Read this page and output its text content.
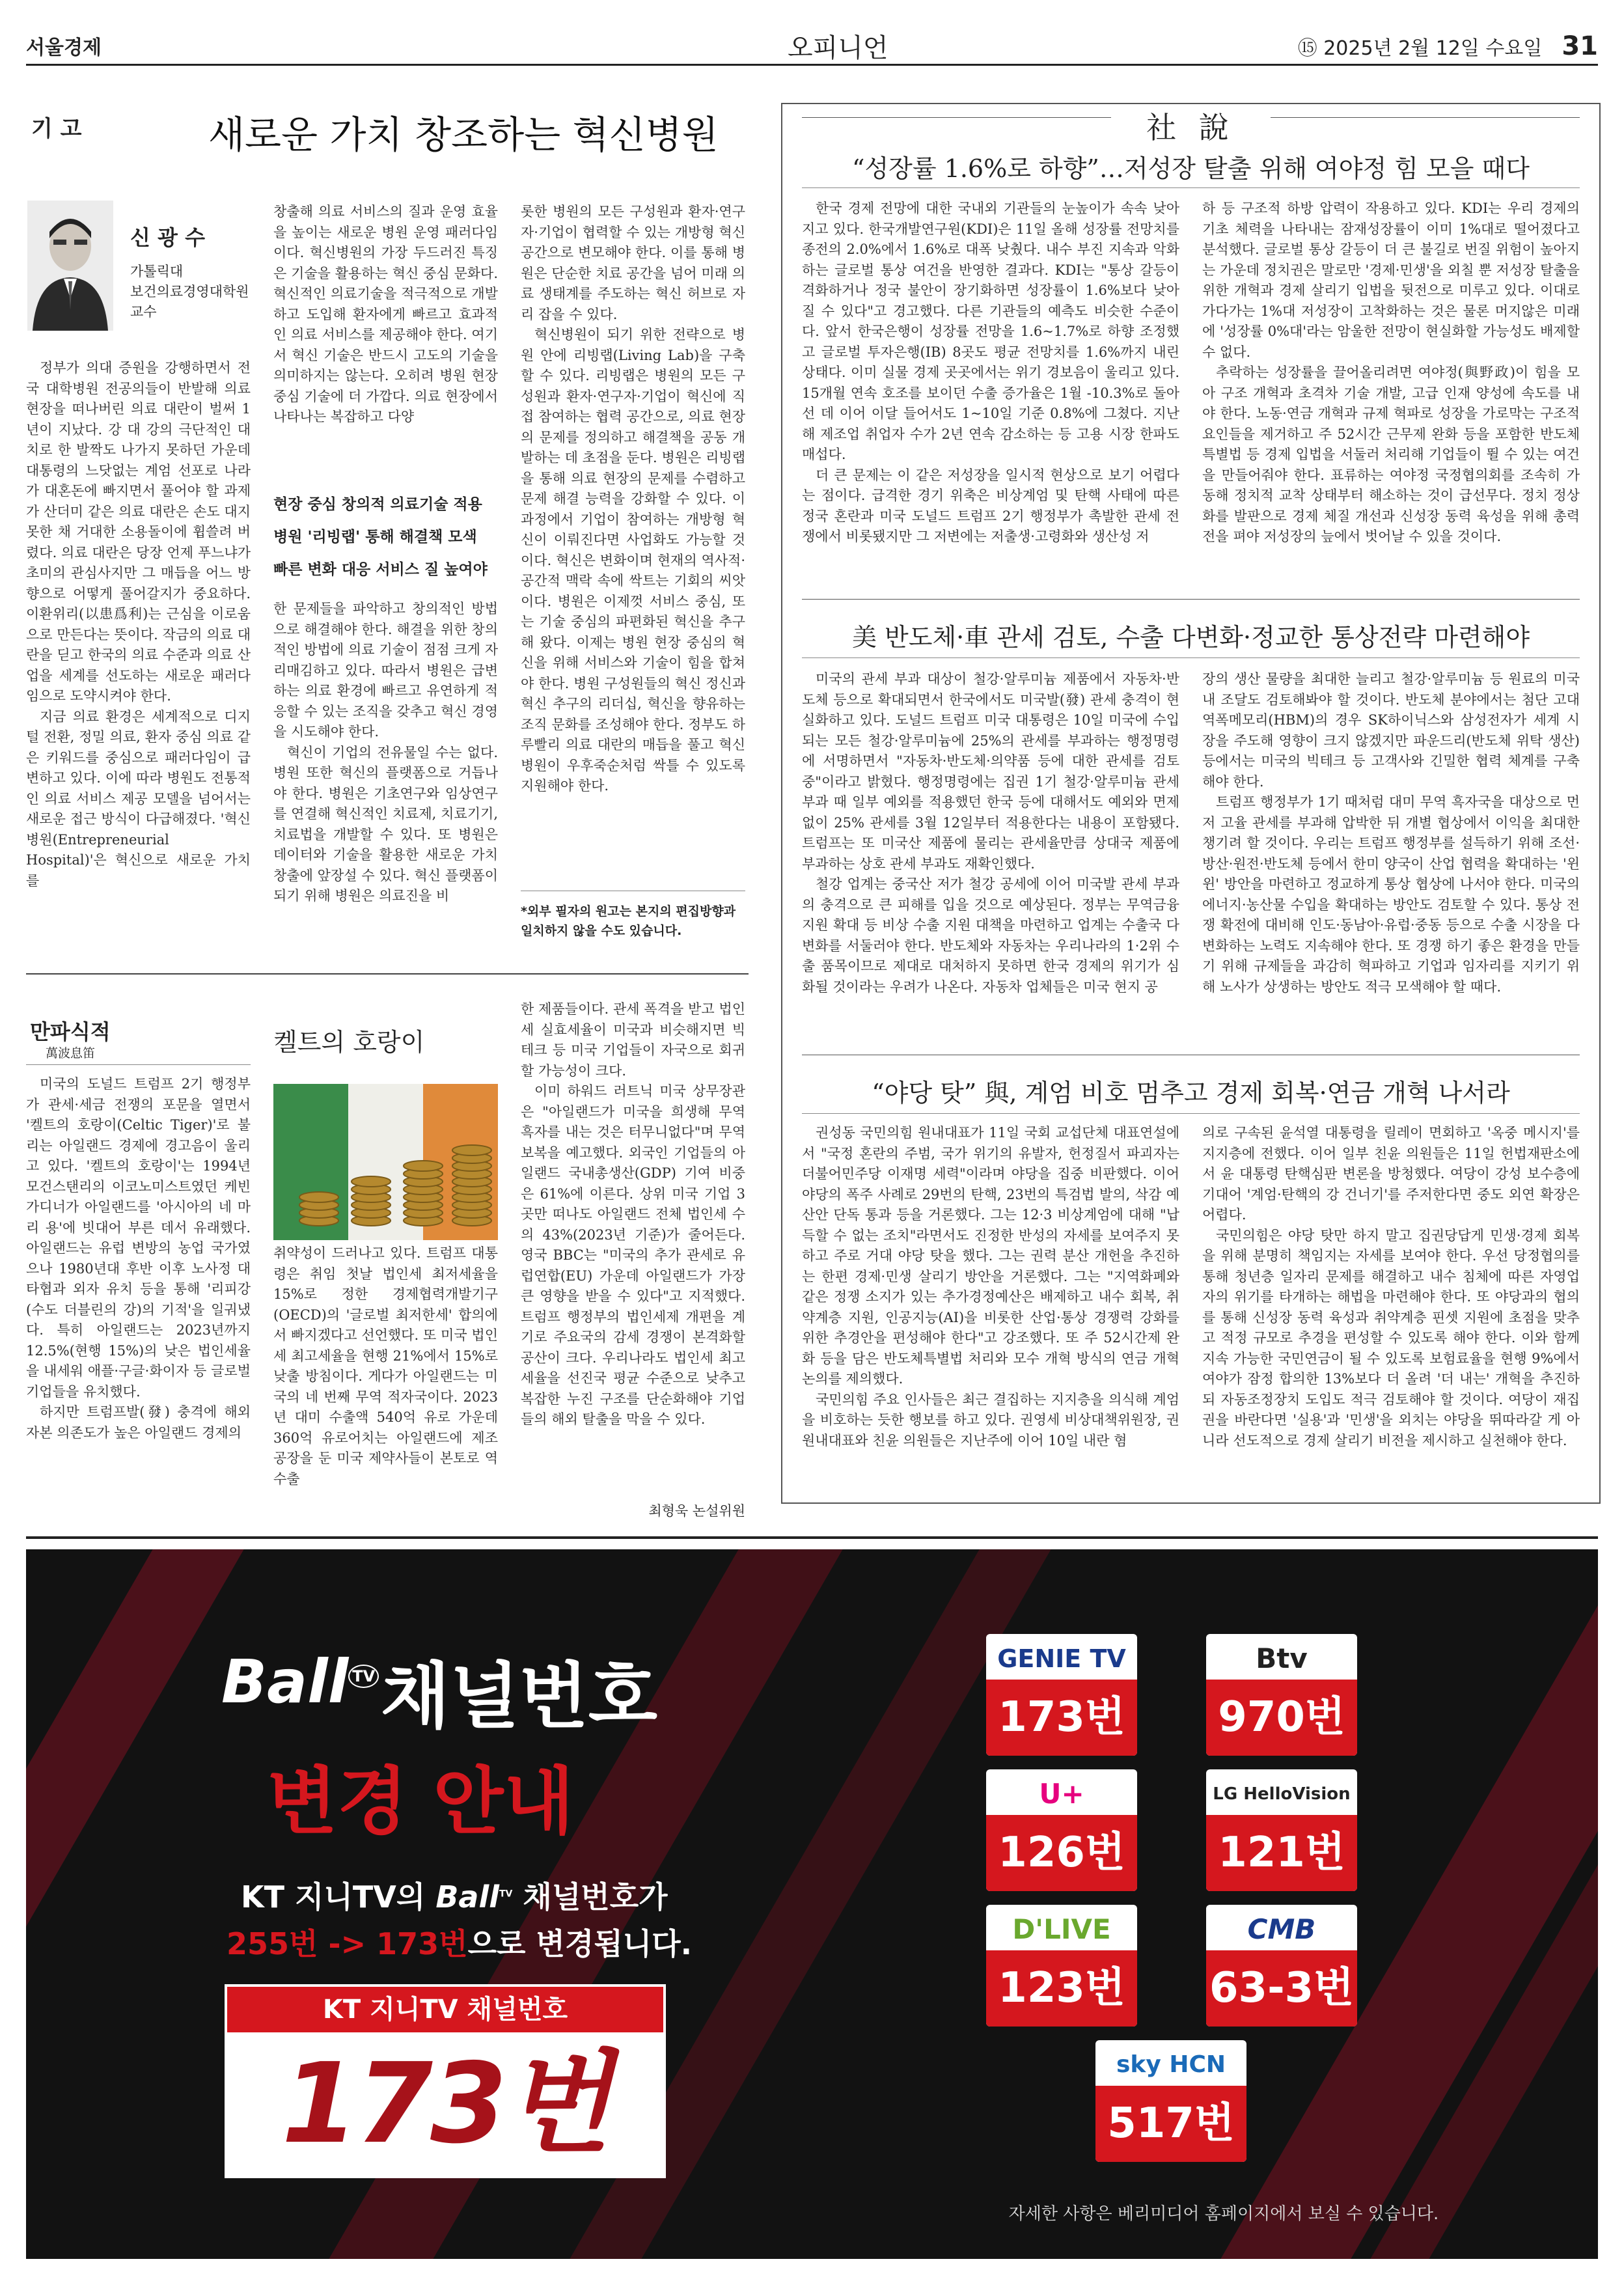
서울경제	오피니언	⑮ 2025년 2월 12일 수요일 31
기 고	새로운 가치 창조하는 혁신병원
신 광 수
가톨릭대
보건의료경영대학원
교수

정부가 의대 증원을 강행하면서 전국 대학병원 전공의들이 반발해 의료 현장을 떠나버린 의료 대란이 벌써 1년이 지났다. 강 대 강의 극단적인 대치로 한 발짝도 나가지 못하던 가운데 대통령의 느닷없는 계엄 선포로 나라가 대혼돈에 빠지면서 풀어야 할 과제가 산더미 같은 의료 대란은 손도 대지 못한 채 거대한 소용돌이에 휩쓸려 버렸다. 의료 대란은 당장 언제 푸느냐가 초미의 관심사지만 그 매듭을 어느 방향으로 어떻게 풀어갈지가 중요하다. 이환위리(以患爲利)는 근심을 이로움으로 만든다는 뜻이다. 작금의 의료 대란을 딛고 한국의 의료 수준과 의료 산업을 세계를 선도하는 새로운 패러다임으로 도약시켜야 한다.

지금 의료 환경은 세계적으로 디지털 전환, 정밀 의료, 환자 중심 의료 같은 키워드를 중심으로 패러다임이 급변하고 있다. 이에 따라 병원도 전통적인 의료 서비스 제공 모델을 넘어서는 새로운 접근 방식이 다급해졌다. '혁신병원(Entrepreneurial Hospital)'은 혁신으로 새로운 가치를

창출해 의료 서비스의 질과 운영 효율을 높이는 새로운 병원 운영 패러다임이다. 혁신병원의 가장 두드러진 특징은 기술을 활용하는 혁신 중심 문화다. 혁신적인 의료기술을 적극적으로 개발하고 도입해 환자에게 빠르고 효과적인 의료 서비스를 제공해야 한다. 여기서 혁신 기술은 반드시 고도의 기술을 의미하지는 않는다. 오히려 병원 현장 중심 기술에 더 가깝다. 의료 현장에서 나타나는 복잡하고 다양

현장 중심 창의적 의료기술 적용
병원 '리빙랩' 통해 해결책 모색
빠른 변화 대응 서비스 질 높여야

한 문제들을 파악하고 창의적인 방법으로 해결해야 한다. 해결을 위한 창의적인 방법에 의료 기술이 점점 크게 자리매김하고 있다. 따라서 병원은 급변하는 의료 환경에 빠르고 유연하게 적응할 수 있는 조직을 갖추고 혁신 경영을 시도해야 한다.

혁신이 기업의 전유물일 수는 없다. 병원 또한 혁신의 플랫폼으로 거듭나야 한다. 병원은 기초연구와 임상연구를 연결해 혁신적인 치료제, 치료기기, 치료법을 개발할 수 있다. 또 병원은 데이터와 기술을 활용한 새로운 가치 창출에 앞장설 수 있다. 혁신 플랫폼이 되기 위해 병원은 의료진을 비

롯한 병원의 모든 구성원과 환자·연구자·기업이 협력할 수 있는 개방형 혁신 공간으로 변모해야 한다. 이를 통해 병원은 단순한 치료 공간을 넘어 미래 의료 생태계를 주도하는 혁신 허브로 자리 잡을 수 있다.

혁신병원이 되기 위한 전략으로 병원 안에 리빙랩(Living Lab)을 구축할 수 있다. 리빙랩은 병원의 모든 구성원과 환자·연구자·기업이 혁신에 직접 참여하는 협력 공간으로, 의료 현장의 문제를 정의하고 해결책을 공동 개발하는 데 초점을 둔다. 병원은 리빙랩을 통해 의료 현장의 문제를 수렴하고 문제 해결 능력을 강화할 수 있다. 이 과정에서 기업이 참여하는 개방형 혁신이 이뤄진다면 사업화도 가능할 것이다. 혁신은 변화이며 현재의 역사적·공간적 맥락 속에 싹트는 기회의 씨앗이다. 병원은 이제껏 서비스 중심, 또는 기술 중심의 파편화된 혁신을 추구해 왔다. 이제는 병원 현장 중심의 혁신을 위해 서비스와 기술이 힘을 합쳐야 한다. 병원 구성원들의 혁신 정신과 혁신 추구의 리더십, 혁신을 향유하는 조직 문화를 조성해야 한다. 정부도 하루빨리 의료 대란의 매듭을 풀고 혁신병원이 우후죽순처럼 싹틀 수 있도록 지원해야 한다.

*외부 필자의 원고는 본지의 편집방향과 일치하지 않을 수도 있습니다.
만파식적
萬波息笛	켈트의 호랑이

미국의 도널드 트럼프 2기 행정부가 관세·세금 전쟁의 포문을 열면서 '켈트의 호랑이(Celtic Tiger)'로 불리는 아일랜드 경제에 경고음이 울리고 있다. '켈트의 호랑이'는 1994년 모건스탠리의 이코노미스트였던 케빈 가디너가 아일랜드를 '아시아의 네 마리 용'에 빗대어 부른 데서 유래했다. 아일랜드는 유럽 변방의 농업 국가였으나 1980년대 후반 이후 노사정 대타협과 외자 유치 등을 통해 '리피강(수도 더블린의 강)의 기적'을 일궈냈다. 특히 아일랜드는 2023년까지 12.5%(현행 15%)의 낮은 법인세율을 내세워 애플·구글·화이자 등 글로벌 기업들을 유치했다.

하지만 트럼프발(發) 충격에 해외 자본 의존도가 높은 아일랜드 경제의

취약성이 드러나고 있다. 트럼프 대통령은 취임 첫날 법인세 최저세율을 15%로 정한 경제협력개발기구(OECD)의 '글로벌 최저한세' 합의에서 빠지겠다고 선언했다. 또 미국 법인세 최고세율을 현행 21%에서 15%로 낮출 방침이다. 게다가 아일랜드는 미국의 네 번째 무역 적자국이다. 2023년 대미 수출액 540억 유로 가운데 360억 유로어치는 아일랜드에 제조 공장을 둔 미국 제약사들이 본토로 역수출

한 제품들이다. 관세 폭격을 받고 법인세 실효세율이 미국과 비슷해지면 빅테크 등 미국 기업들이 자국으로 회귀할 가능성이 크다.

이미 하워드 러트닉 미국 상무장관은 "아일랜드가 미국을 희생해 무역 흑자를 내는 것은 터무니없다"며 무역 보복을 예고했다. 외국인 기업들의 아일랜드 국내총생산(GDP) 기여 비중은 61%에 이른다. 상위 미국 기업 3곳만 떠나도 아일랜드 전체 법인세 수의 43%(2023년 기준)가 줄어든다. 영국 BBC는 "미국의 추가 관세로 유럽연합(EU) 가운데 아일랜드가 가장 큰 영향을 받을 수 있다"고 지적했다. 트럼프 행정부의 법인세제 개편을 계기로 주요국의 감세 경쟁이 본격화할 공산이 크다. 우리나라도 법인세 최고세율을 선진국 평균 수준으로 낮추고 복잡한 누진 구조를 단순화해야 기업들의 해외 탈출을 막을 수 있다.

최형욱 논설위원
社 說
“성장률 1.6%로 하향”…저성장 탈출 위해 여야정 힘 모을 때다

한국 경제 전망에 대한 국내외 기관들의 눈높이가 속속 낮아지고 있다. 한국개발연구원(KDI)은 11일 올해 성장률 전망치를 종전의 2.0%에서 1.6%로 대폭 낮췄다. 내수 부진 지속과 악화하는 글로벌 통상 여건을 반영한 결과다. KDI는 "통상 갈등이 격화하거나 정국 불안이 장기화하면 성장률이 1.6%보다 낮아질 수 있다"고 경고했다. 다른 기관들의 예측도 비슷한 수준이다. 앞서 한국은행이 성장률 전망을 1.6~1.7%로 하향 조정했고 글로벌 투자은행(IB) 8곳도 평균 전망치를 1.6%까지 내린 상태다. 이미 실물 경제 곳곳에서는 위기 경보음이 울리고 있다. 15개월 연속 호조를 보이던 수출 증가율은 1월 -10.3%로 돌아선 데 이어 이달 들어서도 1~10일 기준 0.8%에 그쳤다. 지난해 제조업 취업자 수가 2년 연속 감소하는 등 고용 시장 한파도 매섭다.

더 큰 문제는 이 같은 저성장을 일시적 현상으로 보기 어렵다는 점이다. 급격한 경기 위축은 비상계엄 및 탄핵 사태에 따른 정국 혼란과 미국 도널드 트럼프 2기 행정부가 촉발한 관세 전쟁에서 비롯됐지만 그 저변에는 저출생·고령화와 생산성 저

하 등 구조적 하방 압력이 작용하고 있다. KDI는 우리 경제의 기초 체력을 나타내는 잠재성장률이 이미 1%대로 떨어졌다고 분석했다. 글로벌 통상 갈등이 더 큰 불길로 번질 위험이 높아지는 가운데 정치권은 말로만 '경제·민생'을 외칠 뿐 저성장 탈출을 위한 개혁과 경제 살리기 입법을 뒷전으로 미루고 있다. 이대로 가다가는 1%대 저성장이 고착화하는 것은 물론 머지않은 미래에 '성장률 0%대'라는 암울한 전망이 현실화할 가능성도 배제할 수 없다.

추락하는 성장률을 끌어올리려면 여야정(與野政)이 힘을 모아 구조 개혁과 초격차 기술 개발, 고급 인재 양성에 속도를 내야 한다. 노동·연금 개혁과 규제 혁파로 성장을 가로막는 구조적 요인들을 제거하고 주 52시간 근무제 완화 등을 포함한 반도체특별법 등 경제 입법을 서둘러 처리해 기업들이 뛸 수 있는 여건을 만들어줘야 한다. 표류하는 여야정 국정협의회를 조속히 가동해 정치적 교착 상태부터 해소하는 것이 급선무다. 정치 정상화를 발판으로 경제 체질 개선과 신성장 동력 육성을 위해 총력전을 펴야 저성장의 늪에서 벗어날 수 있을 것이다.

美 반도체·車 관세 검토, 수출 다변화·정교한 통상전략 마련해야

미국의 관세 부과 대상이 철강·알루미늄 제품에서 자동차·반도체 등으로 확대되면서 한국에서도 미국발(發) 관세 충격이 현실화하고 있다. 도널드 트럼프 미국 대통령은 10일 미국에 수입되는 모든 철강·알루미늄에 25%의 관세를 부과하는 행정명령에 서명하면서 "자동차·반도체·의약품 등에 대한 관세를 검토 중"이라고 밝혔다. 행정명령에는 집권 1기 철강·알루미늄 관세 부과 때 일부 예외를 적용했던 한국 등에 대해서도 예외와 면제 없이 25% 관세를 3월 12일부터 적용한다는 내용이 포함됐다. 트럼프는 또 미국산 제품에 물리는 관세율만큼 상대국 제품에 부과하는 상호 관세 부과도 재확인했다.

철강 업계는 중국산 저가 철강 공세에 이어 미국발 관세 부과의 충격으로 큰 피해를 입을 것으로 예상된다. 정부는 무역금융 지원 확대 등 비상 수출 지원 대책을 마련하고 업계는 수출국 다변화를 서둘러야 한다. 반도체와 자동차는 우리나라의 1·2위 수출 품목이므로 제대로 대처하지 못하면 한국 경제의 위기가 심화될 것이라는 우려가 나온다. 자동차 업체들은 미국 현지 공

장의 생산 물량을 최대한 늘리고 철강·알루미늄 등 원료의 미국 내 조달도 검토해봐야 할 것이다. 반도체 분야에서는 첨단 고대역폭메모리(HBM)의 경우 SK하이닉스와 삼성전자가 세계 시장을 주도해 영향이 크지 않겠지만 파운드리(반도체 위탁 생산) 등에서는 미국의 빅테크 등 고객사와 긴밀한 협력 체계를 구축해야 한다.

트럼프 행정부가 1기 때처럼 대미 무역 흑자국을 대상으로 먼저 고율 관세를 부과해 압박한 뒤 개별 협상에서 이익을 최대한 챙기려 할 것이다. 우리는 트럼프 행정부를 설득하기 위해 조선·방산·원전·반도체 등에서 한미 양국이 산업 협력을 확대하는 '윈윈' 방안을 마련하고 정교하게 통상 협상에 나서야 한다. 미국의 에너지·농산물 수입을 확대하는 방안도 검토할 수 있다. 통상 전쟁 확전에 대비해 인도·동남아·유럽·중동 등으로 수출 시장을 다변화하는 노력도 지속해야 한다. 또 경쟁 하기 좋은 환경을 만들기 위해 규제들을 과감히 혁파하고 기업과 임자리를 지키기 위해 노사가 상생하는 방안도 적극 모색해야 할 때다.

“야당 탓” 與, 계엄 비호 멈추고 경제 회복·연금 개혁 나서라

권성동 국민의힘 원내대표가 11일 국회 교섭단체 대표연설에서 "국정 혼란의 주범, 국가 위기의 유발자, 헌정질서 파괴자는 더불어민주당 이재명 세력"이라며 야당을 집중 비판했다. 이어 야당의 폭주 사례로 29번의 탄핵, 23번의 특검법 발의, 삭감 예산안 단독 통과 등을 거론했다. 그는 12·3 비상계엄에 대해 "납득할 수 없는 조치"라면서도 진정한 반성의 자세를 보여주지 못하고 주로 거대 야당 탓을 했다. 그는 권력 분산 개헌을 추진하는 한편 경제·민생 살리기 방안을 거론했다. 그는 "지역화폐와 같은 정쟁 소지가 있는 추가경정예산은 배제하고 내수 회복, 취약계층 지원, 인공지능(AI)을 비롯한 산업·통상 경쟁력 강화를 위한 추경안을 편성해야 한다"고 강조했다. 또 주 52시간제 완화 등을 담은 반도체특별법 처리와 모수 개혁 방식의 연금 개혁 논의를 제의했다.

국민의힘 주요 인사들은 최근 결집하는 지지층을 의식해 계엄을 비호하는 듯한 행보를 하고 있다. 권영세 비상대책위원장, 권 원내대표와 친윤 의원들은 지난주에 이어 10일 내란 혐

의로 구속된 윤석열 대통령을 릴레이 면회하고 '옥중 메시지'를 지지층에 전했다. 이어 일부 친윤 의원들은 11일 헌법재판소에서 윤 대통령 탄핵심판 변론을 방청했다. 여당이 강성 보수층에 기대어 '계엄·탄핵의 강 건너기'를 주저한다면 중도 외연 확장은 어렵다.

국민의힘은 야당 탓만 하지 말고 집권당답게 민생·경제 회복을 위해 분명히 책임지는 자세를 보여야 한다. 우선 당정협의를 통해 청년층 일자리 문제를 해결하고 내수 침체에 따른 자영업자의 위기를 타개하는 해법을 마련해야 한다. 또 야당과의 협의를 통해 신성장 동력 육성과 취약계층 핀셋 지원에 초점을 맞추고 적정 규모로 추경을 편성할 수 있도록 해야 한다. 이와 함께 지속 가능한 국민연금이 될 수 있도록 보험료율을 현행 9%에서 여야가 잠정 합의한 13%보다 더 올려 '더 내는' 개혁을 추진하되 자동조정장치 도입도 적극 검토해야 할 것이다. 여당이 재집권을 바란다면 '실용'과 '민생'을 외치는 야당을 뛰따라갈 게 아니라 선도적으로 경제 살리기 비전을 제시하고 실천해야 한다.

Ball $^{TV}$ 채널번호
변경 안내
KT 지니TV의 Ball$^{TV}$ 채널번호가
255번 -> 173번으로 변경됩니다.
KT 지니TV 채널번호
173번
GENIE TV
173번
Btv
970번
U+
126번
LG HelloVision
121번
D'LIVE
123번
CMB
63-3번
sky HCN
517번
자세한 사항은 베리미디어 홈페이지에서 보실 수 있습니다.
